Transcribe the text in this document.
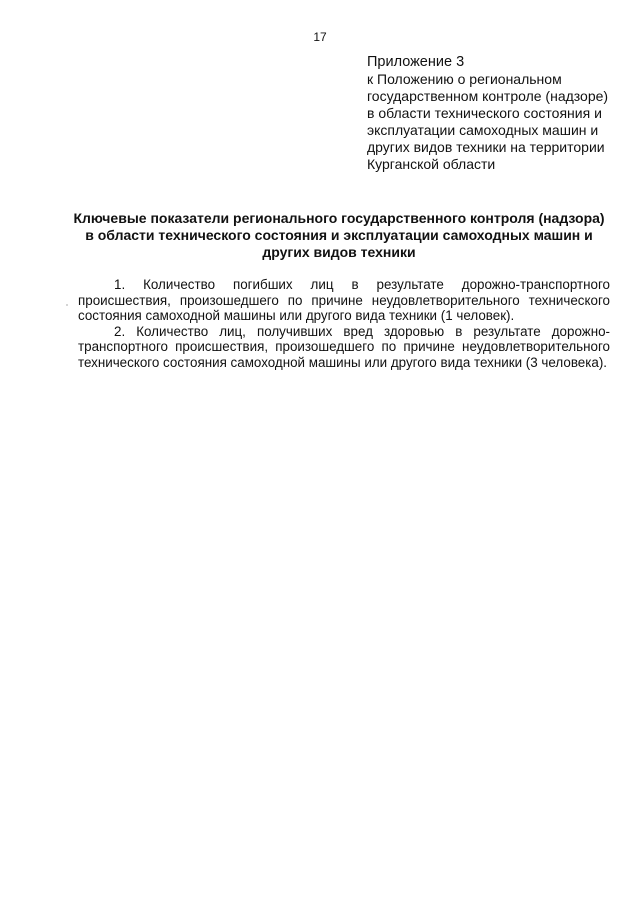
17
Приложение 3
к Положению о региональном
государственном контроле (надзоре)
в области технического состояния и
эксплуатации самоходных машин и
других видов техники на территории
Курганской области
Ключевые показатели регионального государственного контроля (надзора)
в области технического состояния и эксплуатации самоходных машин и
других видов техники

1. Количество погибших лиц в результате дорожно-транспортного происшествия, произошедшего по причине неудовлетворительного технического состояния самоходной машины или другого вида техники (1 человек).

2. Количество лиц, получивших вред здоровью в результате дорожно-транспортного происшествия, произошедшего по причине неудовлетворительного технического состояния самоходной машины или другого вида техники (3 человека).
